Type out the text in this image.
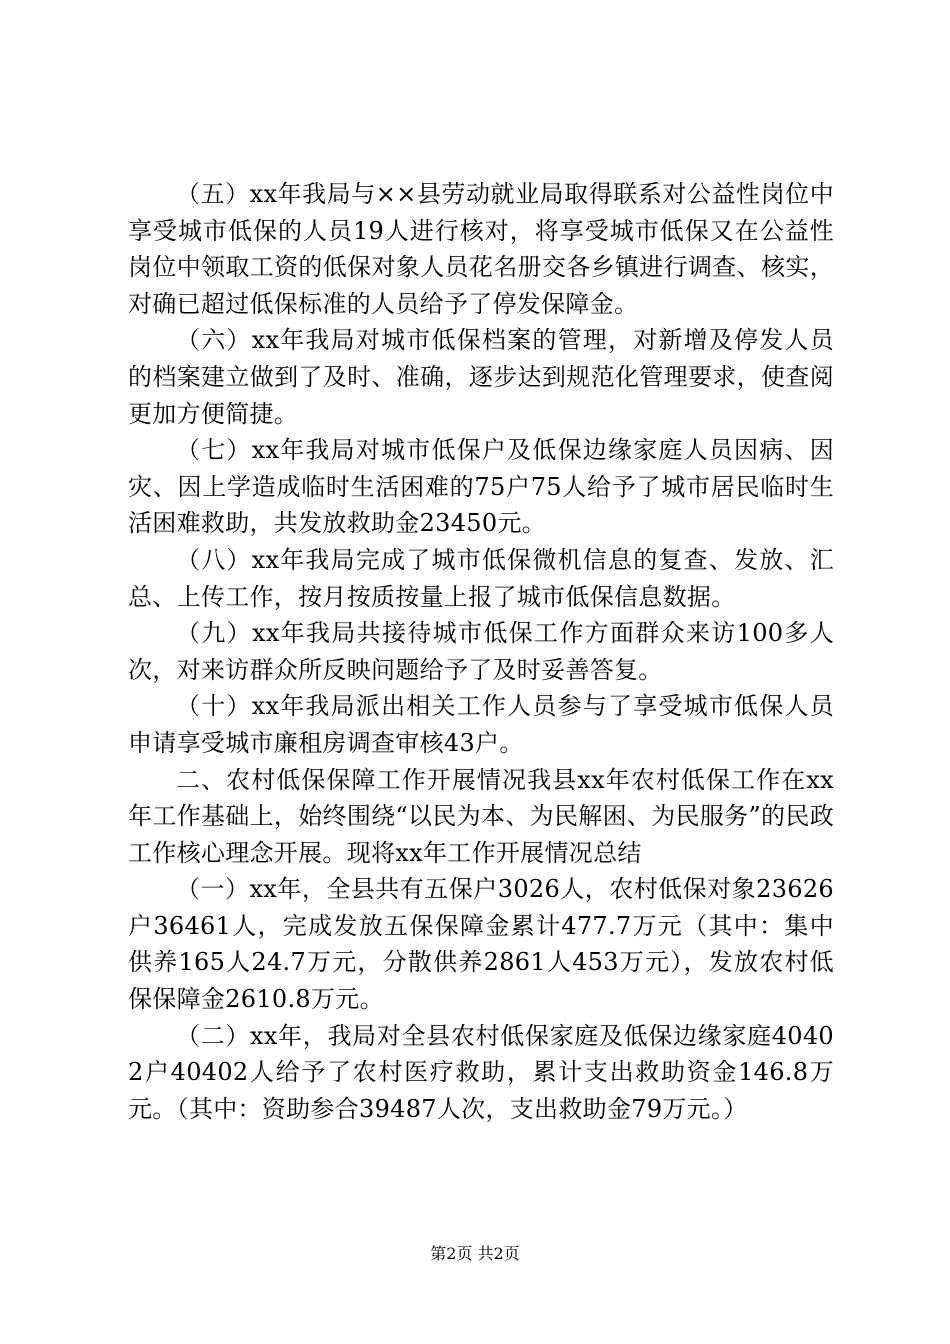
（五）xx年我局与××县劳动就业局取得联系对公益性岗位中享受城市低保的人员19人进行核对，将享受城市低保又在公益性岗位中领取工资的低保对象人员花名册交各乡镇进行调查、核实，对确已超过低保标准的人员给予了停发保障金。

（六）xx年我局对城市低保档案的管理，对新增及停发人员的档案建立做到了及时、准确，逐步达到规范化管理要求，使查阅更加方便简捷。

（七）xx年我局对城市低保户及低保边缘家庭人员因病、因灾、因上学造成临时生活困难的75户75人给予了城市居民临时生活困难救助，共发放救助金23450元。

（八）xx年我局完成了城市低保微机信息的复查、发放、汇总、上传工作，按月按质按量上报了城市低保信息数据。

（九）xx年我局共接待城市低保工作方面群众来访100多人次，对来访群众所反映问题给予了及时妥善答复。

（十）xx年我局派出相关工作人员参与了享受城市低保人员申请享受城市廉租房调查审核43户。

二、农村低保保障工作开展情况我县xx年农村低保工作在xx年工作基础上，始终围绕“以民为本、为民解困、为民服务”的民政工作核心理念开展。现将xx年工作开展情况总结

（一）xx年，全县共有五保户3026人，农村低保对象23626户36461人，完成发放五保保障金累计477.7万元（其中：集中供养165人24.7万元，分散供养2861人453万元），发放农村低保保障金2610.8万元。

（二）xx年，我局对全县农村低保家庭及低保边缘家庭40402户40402人给予了农村医疗救助，累计支出救助资金146.8万元。（其中：资助参合39487人次，支出救助金79万元。）

第2页 共2页
